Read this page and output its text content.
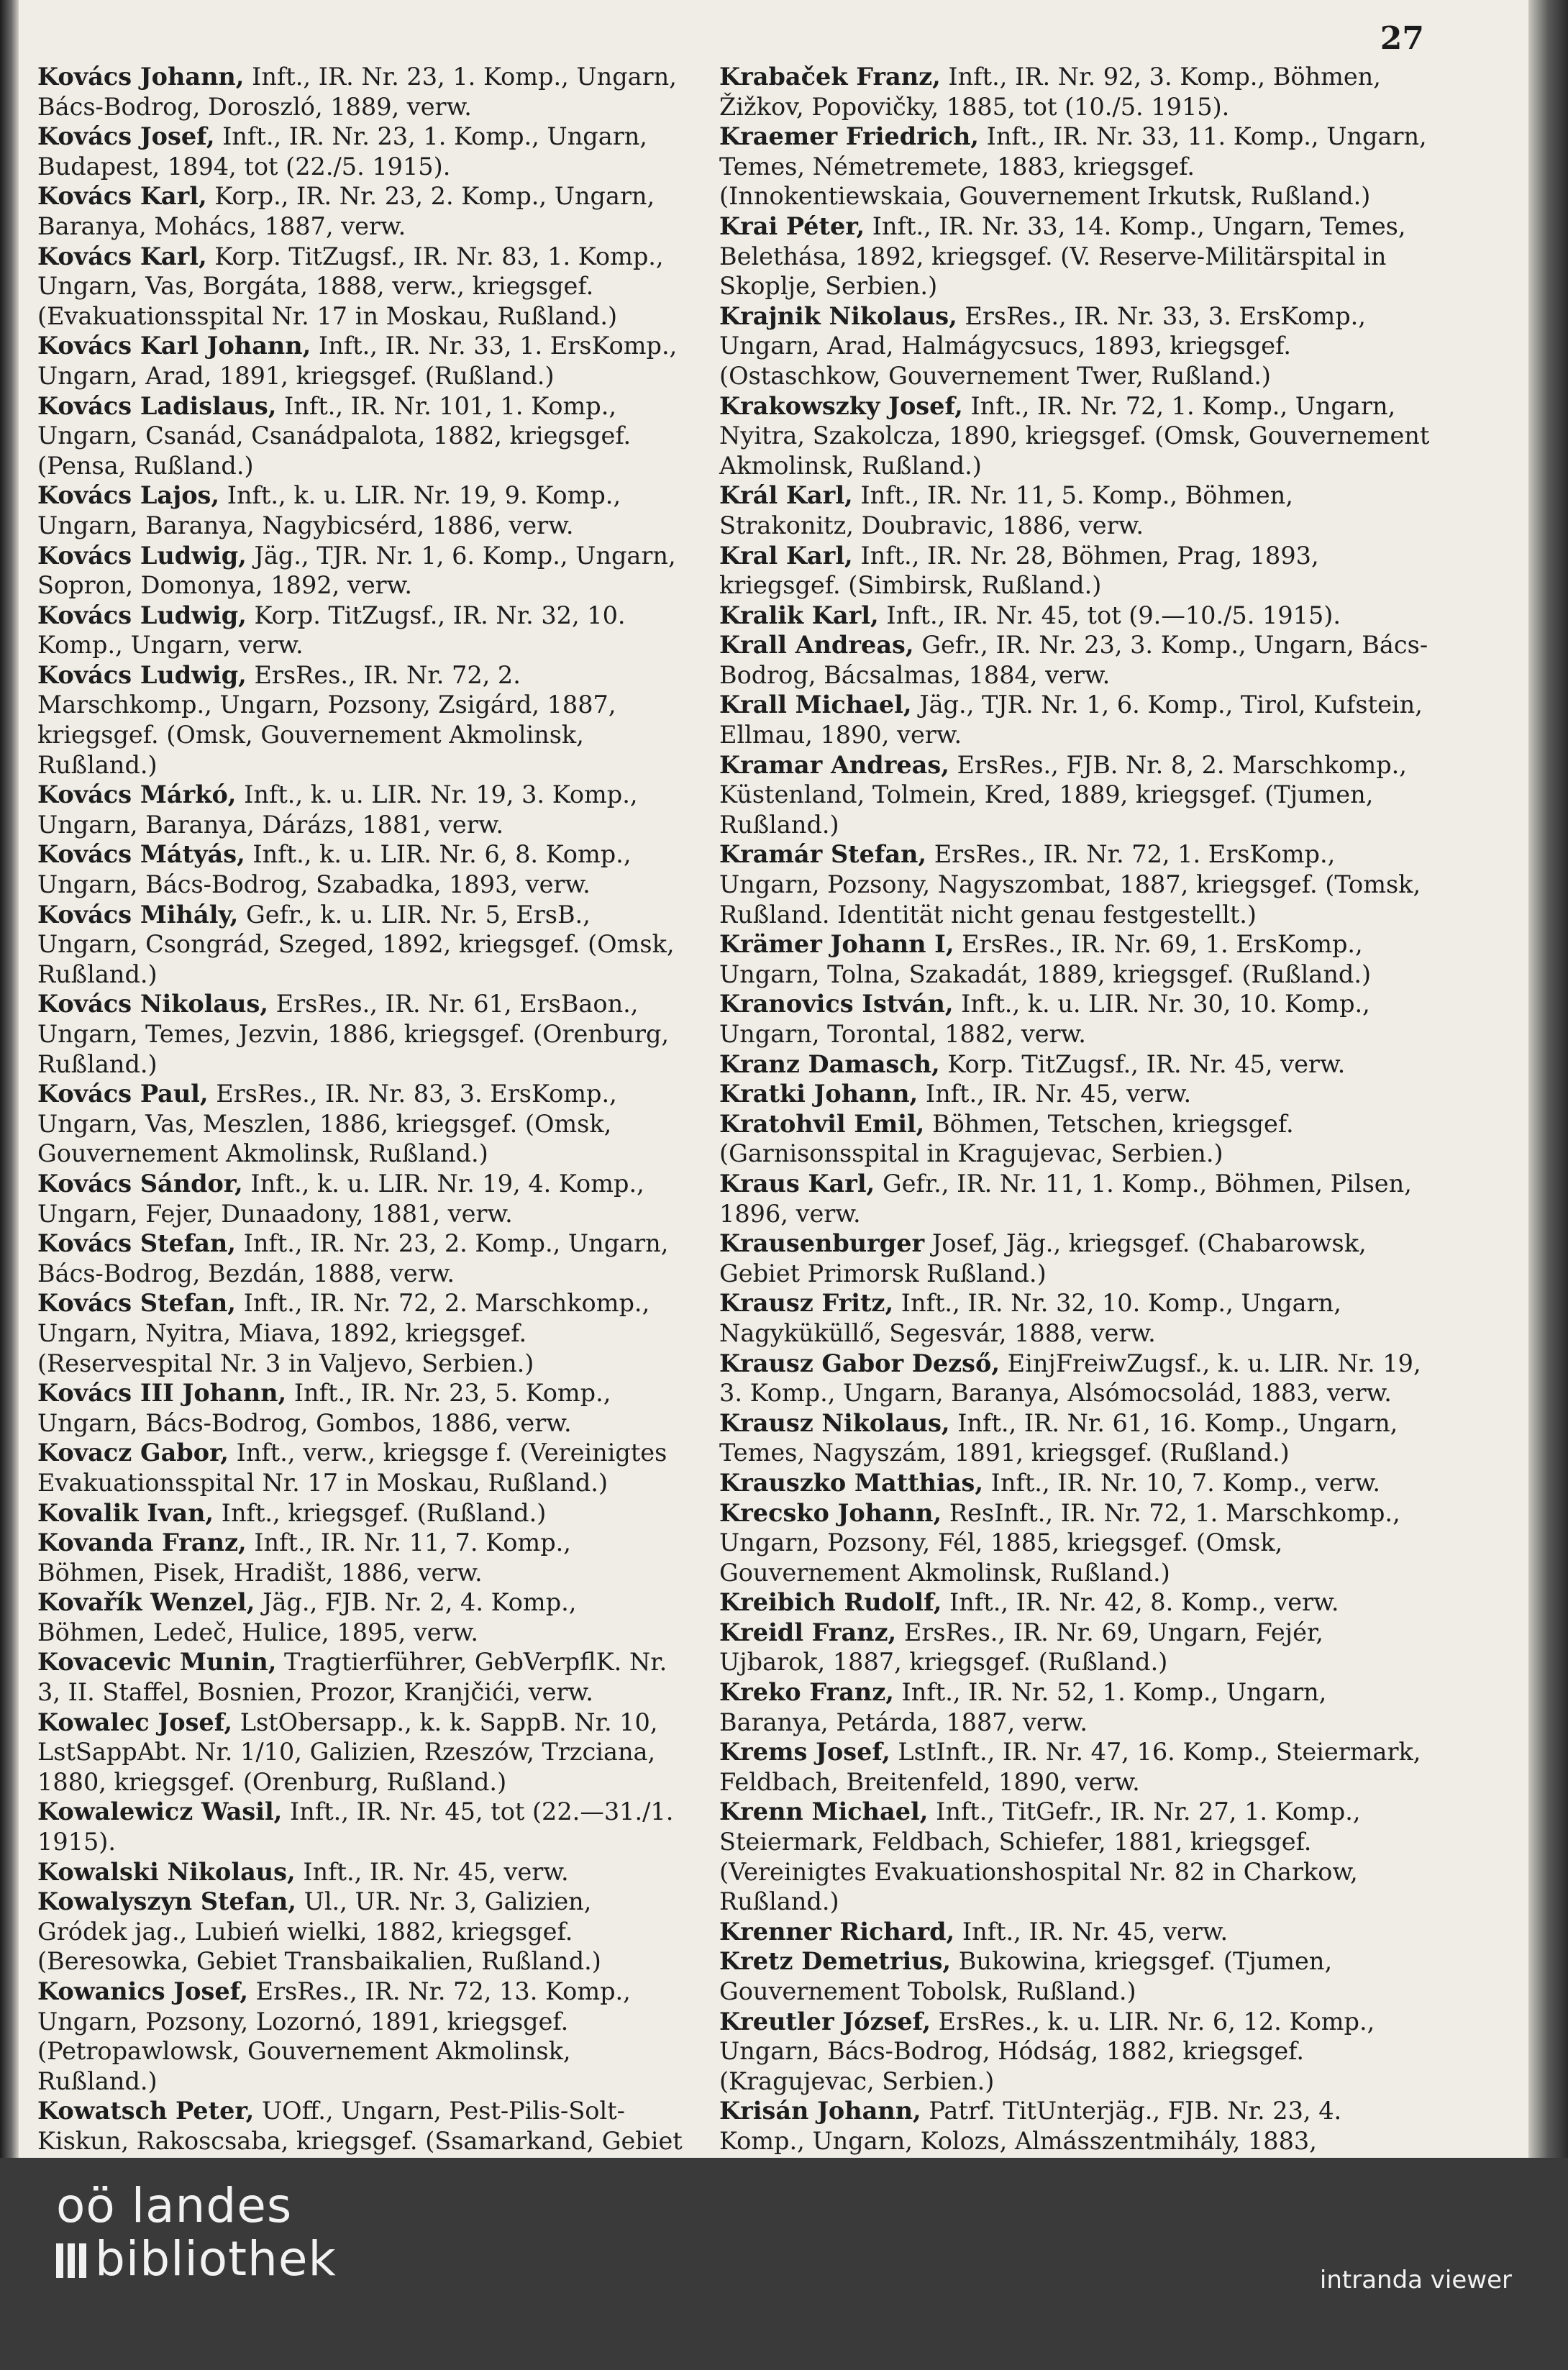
27

Kovács Johann, Inft., IR. Nr. 23, 1. Komp., Ungarn, Bács-Bodrog, Doroszló, 1889, verw.

Kovács Josef, Inft., IR. Nr. 23, 1. Komp., Ungarn, Budapest, 1894, tot (22./5. 1915).

Kovács Karl, Korp., IR. Nr. 23, 2. Komp., Ungarn, Baranya, Mohács, 1887, verw.

Kovács Karl, Korp. TitZugsf., IR. Nr. 83, 1. Komp., Ungarn, Vas, Borgáta, 1888, verw., kriegsgef. (Evakuationsspital Nr. 17 in Moskau, Rußland.)

Kovács Karl Johann, Inft., IR. Nr. 33, 1. ErsKomp., Ungarn, Arad, 1891, kriegsgef. (Rußland.)

Kovács Ladislaus, Inft., IR. Nr. 101, 1. Komp., Ungarn, Csanád, Csanádpalota, 1882, kriegsgef. (Pensa, Rußland.)

Kovács Lajos, Inft., k. u. LIR. Nr. 19, 9. Komp., Ungarn, Baranya, Nagybicsérd, 1886, verw.

Kovács Ludwig, Jäg., TJR. Nr. 1, 6. Komp., Ungarn, Sopron, Domonya, 1892, verw.

Kovács Ludwig, Korp. TitZugsf., IR. Nr. 32, 10. Komp., Ungarn, verw.

Kovács Ludwig, ErsRes., IR. Nr. 72, 2. Marschkomp., Ungarn, Pozsony, Zsigárd, 1887, kriegsgef. (Omsk, Gouvernement Akmolinsk, Rußland.)

Kovács Márkó, Inft., k. u. LIR. Nr. 19, 3. Komp., Ungarn, Baranya, Dárázs, 1881, verw.

Kovács Mátyás, Inft., k. u. LIR. Nr. 6, 8. Komp., Ungarn, Bács-Bodrog, Szabadka, 1893, verw.

Kovács Mihály, Gefr., k. u. LIR. Nr. 5, ErsB., Ungarn, Csongrád, Szeged, 1892, kriegsgef. (Omsk, Rußland.)

Kovács Nikolaus, ErsRes., IR. Nr. 61, ErsBaon., Ungarn, Temes, Jezvin, 1886, kriegsgef. (Orenburg, Rußland.)

Kovács Paul, ErsRes., IR. Nr. 83, 3. ErsKomp., Ungarn, Vas, Meszlen, 1886, kriegsgef. (Omsk, Gouvernement Akmolinsk, Rußland.)

Kovács Sándor, Inft., k. u. LIR. Nr. 19, 4. Komp., Ungarn, Fejer, Dunaadony, 1881, verw.

Kovács Stefan, Inft., IR. Nr. 23, 2. Komp., Ungarn, Bács-Bodrog, Bezdán, 1888, verw.

Kovács Stefan, Inft., IR. Nr. 72, 2. Marschkomp., Ungarn, Nyitra, Miava, 1892, kriegsgef. (Reservespital Nr. 3 in Valjevo, Serbien.)

Kovács III Johann, Inft., IR. Nr. 23, 5. Komp., Ungarn, Bács-Bodrog, Gombos, 1886, verw.

Kovacz Gabor, Inft., verw., kriegsge f. (Vereinigtes Evakuationsspital Nr. 17 in Moskau, Rußland.)

Kovalik Ivan, Inft., kriegsgef. (Rußland.)

Kovanda Franz, Inft., IR. Nr. 11, 7. Komp., Böhmen, Pisek, Hradišt, 1886, verw.

Kovařík Wenzel, Jäg., FJB. Nr. 2, 4. Komp., Böhmen, Ledeč, Hulice, 1895, verw.

Kovacevic Munin, Tragtierführer, GebVerpflK. Nr. 3, II. Staffel, Bosnien, Prozor, Kranjčići, verw.

Kowalec Josef, LstObersapp., k. k. SappB. Nr. 10, LstSappAbt. Nr. 1/10, Galizien, Rzeszów, Trzciana, 1880, kriegsgef. (Orenburg, Rußland.)

Kowalewicz Wasil, Inft., IR. Nr. 45, tot (22.—31./1. 1915).

Kowalski Nikolaus, Inft., IR. Nr. 45, verw.

Kowalyszyn Stefan, Ul., UR. Nr. 3, Galizien, Gródek jag., Lubień wielki, 1882, kriegsgef. (Beresowka, Gebiet Transbaikalien, Rußland.)

Kowanics Josef, ErsRes., IR. Nr. 72, 13. Komp., Ungarn, Pozsony, Lozornó, 1891, kriegsgef. (Petropawlowsk, Gouvernement Akmolinsk, Rußland.)

Kowatsch Peter, UOff., Ungarn, Pest-Pilis-Solt-Kiskun, Rakoscsaba, kriegsgef. (Ssamarkand, Gebiet

Krabaček Franz, Inft., IR. Nr. 92, 3. Komp., Böhmen, Žižkov, Popovičky, 1885, tot (10./5. 1915).

Kraemer Friedrich, Inft., IR. Nr. 33, 11. Komp., Ungarn, Temes, Németremete, 1883, kriegsgef. (Innokentiewskaia, Gouvernement Irkutsk, Rußland.)

Krai Péter, Inft., IR. Nr. 33, 14. Komp., Ungarn, Temes, Belethása, 1892, kriegsgef. (V. Reserve-Militärspital in Skoplje, Serbien.)

Krajnik Nikolaus, ErsRes., IR. Nr. 33, 3. ErsKomp., Ungarn, Arad, Halmágycsucs, 1893, kriegsgef. (Ostaschkow, Gouvernement Twer, Rußland.)

Krakowszky Josef, Inft., IR. Nr. 72, 1. Komp., Ungarn, Nyitra, Szakolcza, 1890, kriegsgef. (Omsk, Gouvernement Akmolinsk, Rußland.)

Král Karl, Inft., IR. Nr. 11, 5. Komp., Böhmen, Strakonitz, Doubravic, 1886, verw.

Kral Karl, Inft., IR. Nr. 28, Böhmen, Prag, 1893, kriegsgef. (Simbirsk, Rußland.)

Kralik Karl, Inft., IR. Nr. 45, tot (9.—10./5. 1915).

Krall Andreas, Gefr., IR. Nr. 23, 3. Komp., Ungarn, Bács-Bodrog, Bácsalmas, 1884, verw.

Krall Michael, Jäg., TJR. Nr. 1, 6. Komp., Tirol, Kufstein, Ellmau, 1890, verw.

Kramar Andreas, ErsRes., FJB. Nr. 8, 2. Marschkomp., Küstenland, Tolmein, Kred, 1889, kriegsgef. (Tjumen, Rußland.)

Kramár Stefan, ErsRes., IR. Nr. 72, 1. ErsKomp., Ungarn, Pozsony, Nagyszombat, 1887, kriegsgef. (Tomsk, Rußland. Identität nicht genau festgestellt.)

Krämer Johann I, ErsRes., IR. Nr. 69, 1. ErsKomp., Ungarn, Tolna, Szakadát, 1889, kriegsgef. (Rußland.)

Kranovics István, Inft., k. u. LIR. Nr. 30, 10. Komp., Ungarn, Torontal, 1882, verw.

Kranz Damasch, Korp. TitZugsf., IR. Nr. 45, verw.

Kratki Johann, Inft., IR. Nr. 45, verw.

Kratohvil Emil, Böhmen, Tetschen, kriegsgef. (Garnisonsspital in Kragujevac, Serbien.)

Kraus Karl, Gefr., IR. Nr. 11, 1. Komp., Böhmen, Pilsen, 1896, verw.

Krausenburger Josef, Jäg., kriegsgef. (Chabarowsk, Gebiet Primorsk Rußland.)

Krausz Fritz, Inft., IR. Nr. 32, 10. Komp., Ungarn, Nagyküküllő, Segesvár, 1888, verw.

Krausz Gabor Dezső, EinjFreiwZugsf., k. u. LIR. Nr. 19, 3. Komp., Ungarn, Baranya, Alsómocsolád, 1883, verw.

Krausz Nikolaus, Inft., IR. Nr. 61, 16. Komp., Ungarn, Temes, Nagyszám, 1891, kriegsgef. (Rußland.)

Krauszko Matthias, Inft., IR. Nr. 10, 7. Komp., verw.

Krecsko Johann, ResInft., IR. Nr. 72, 1. Marschkomp., Ungarn, Pozsony, Fél, 1885, kriegsgef. (Omsk, Gouvernement Akmolinsk, Rußland.)

Kreibich Rudolf, Inft., IR. Nr. 42, 8. Komp., verw.

Kreidl Franz, ErsRes., IR. Nr. 69, Ungarn, Fejér, Ujbarok, 1887, kriegsgef. (Rußland.)

Kreko Franz, Inft., IR. Nr. 52, 1. Komp., Ungarn, Baranya, Petárda, 1887, verw.

Krems Josef, LstInft., IR. Nr. 47, 16. Komp., Steiermark, Feldbach, Breitenfeld, 1890, verw.

Krenn Michael, Inft., TitGefr., IR. Nr. 27, 1. Komp., Steiermark, Feldbach, Schiefer, 1881, kriegsgef. (Vereinigtes Evakuationshospital Nr. 82 in Charkow, Rußland.)

Krenner Richard, Inft., IR. Nr. 45, verw.

Kretz Demetrius, Bukowina, kriegsgef. (Tjumen, Gouvernement Tobolsk, Rußland.)

Kreutler József, ErsRes., k. u. LIR. Nr. 6, 12. Komp., Ungarn, Bács-Bodrog, Hódság, 1882, kriegsgef. (Kragujevac, Serbien.)

Krisán Johann, Patrf. TitUnterjäg., FJB. Nr. 23, 4. Komp., Ungarn, Kolozs, Almásszentmihály, 1883,

oö landes
bibliothek	intranda viewer
